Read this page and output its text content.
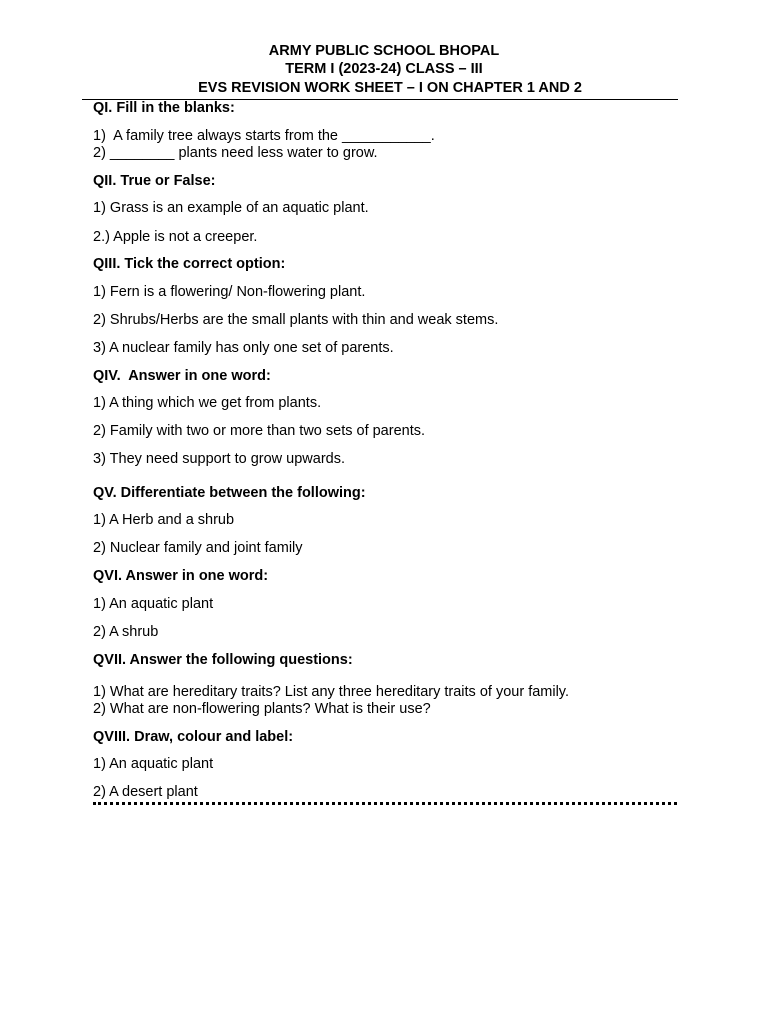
ARMY PUBLIC SCHOOL BHOPAL
TERM I (2023-24) CLASS – III
EVS REVISION WORK SHEET – I ON CHAPTER 1 AND 2
QI. Fill in the blanks:
1)  A family tree always starts from the ___________.
2) ________ plants need less water to grow.
QII. True or False:
1) Grass is an example of an aquatic plant.
2.) Apple is not a creeper.
QIII. Tick the correct option:
1) Fern is a flowering/ Non-flowering plant.
2) Shrubs/Herbs are the small plants with thin and weak stems.
3) A nuclear family has only one set of parents.
QIV.  Answer in one word:
1) A thing which we get from plants.
2) Family with two or more than two sets of parents.
3) They need support to grow upwards.
QV. Differentiate between the following:
1) A Herb and a shrub
2) Nuclear family and joint family
QVI. Answer in one word:
1) An aquatic plant
2) A shrub
QVII. Answer the following questions:
1) What are hereditary traits? List any three hereditary traits of your family.
2) What are non-flowering plants? What is their use?
QVIII. Draw, colour and label:
1) An aquatic plant
2) A desert plant
